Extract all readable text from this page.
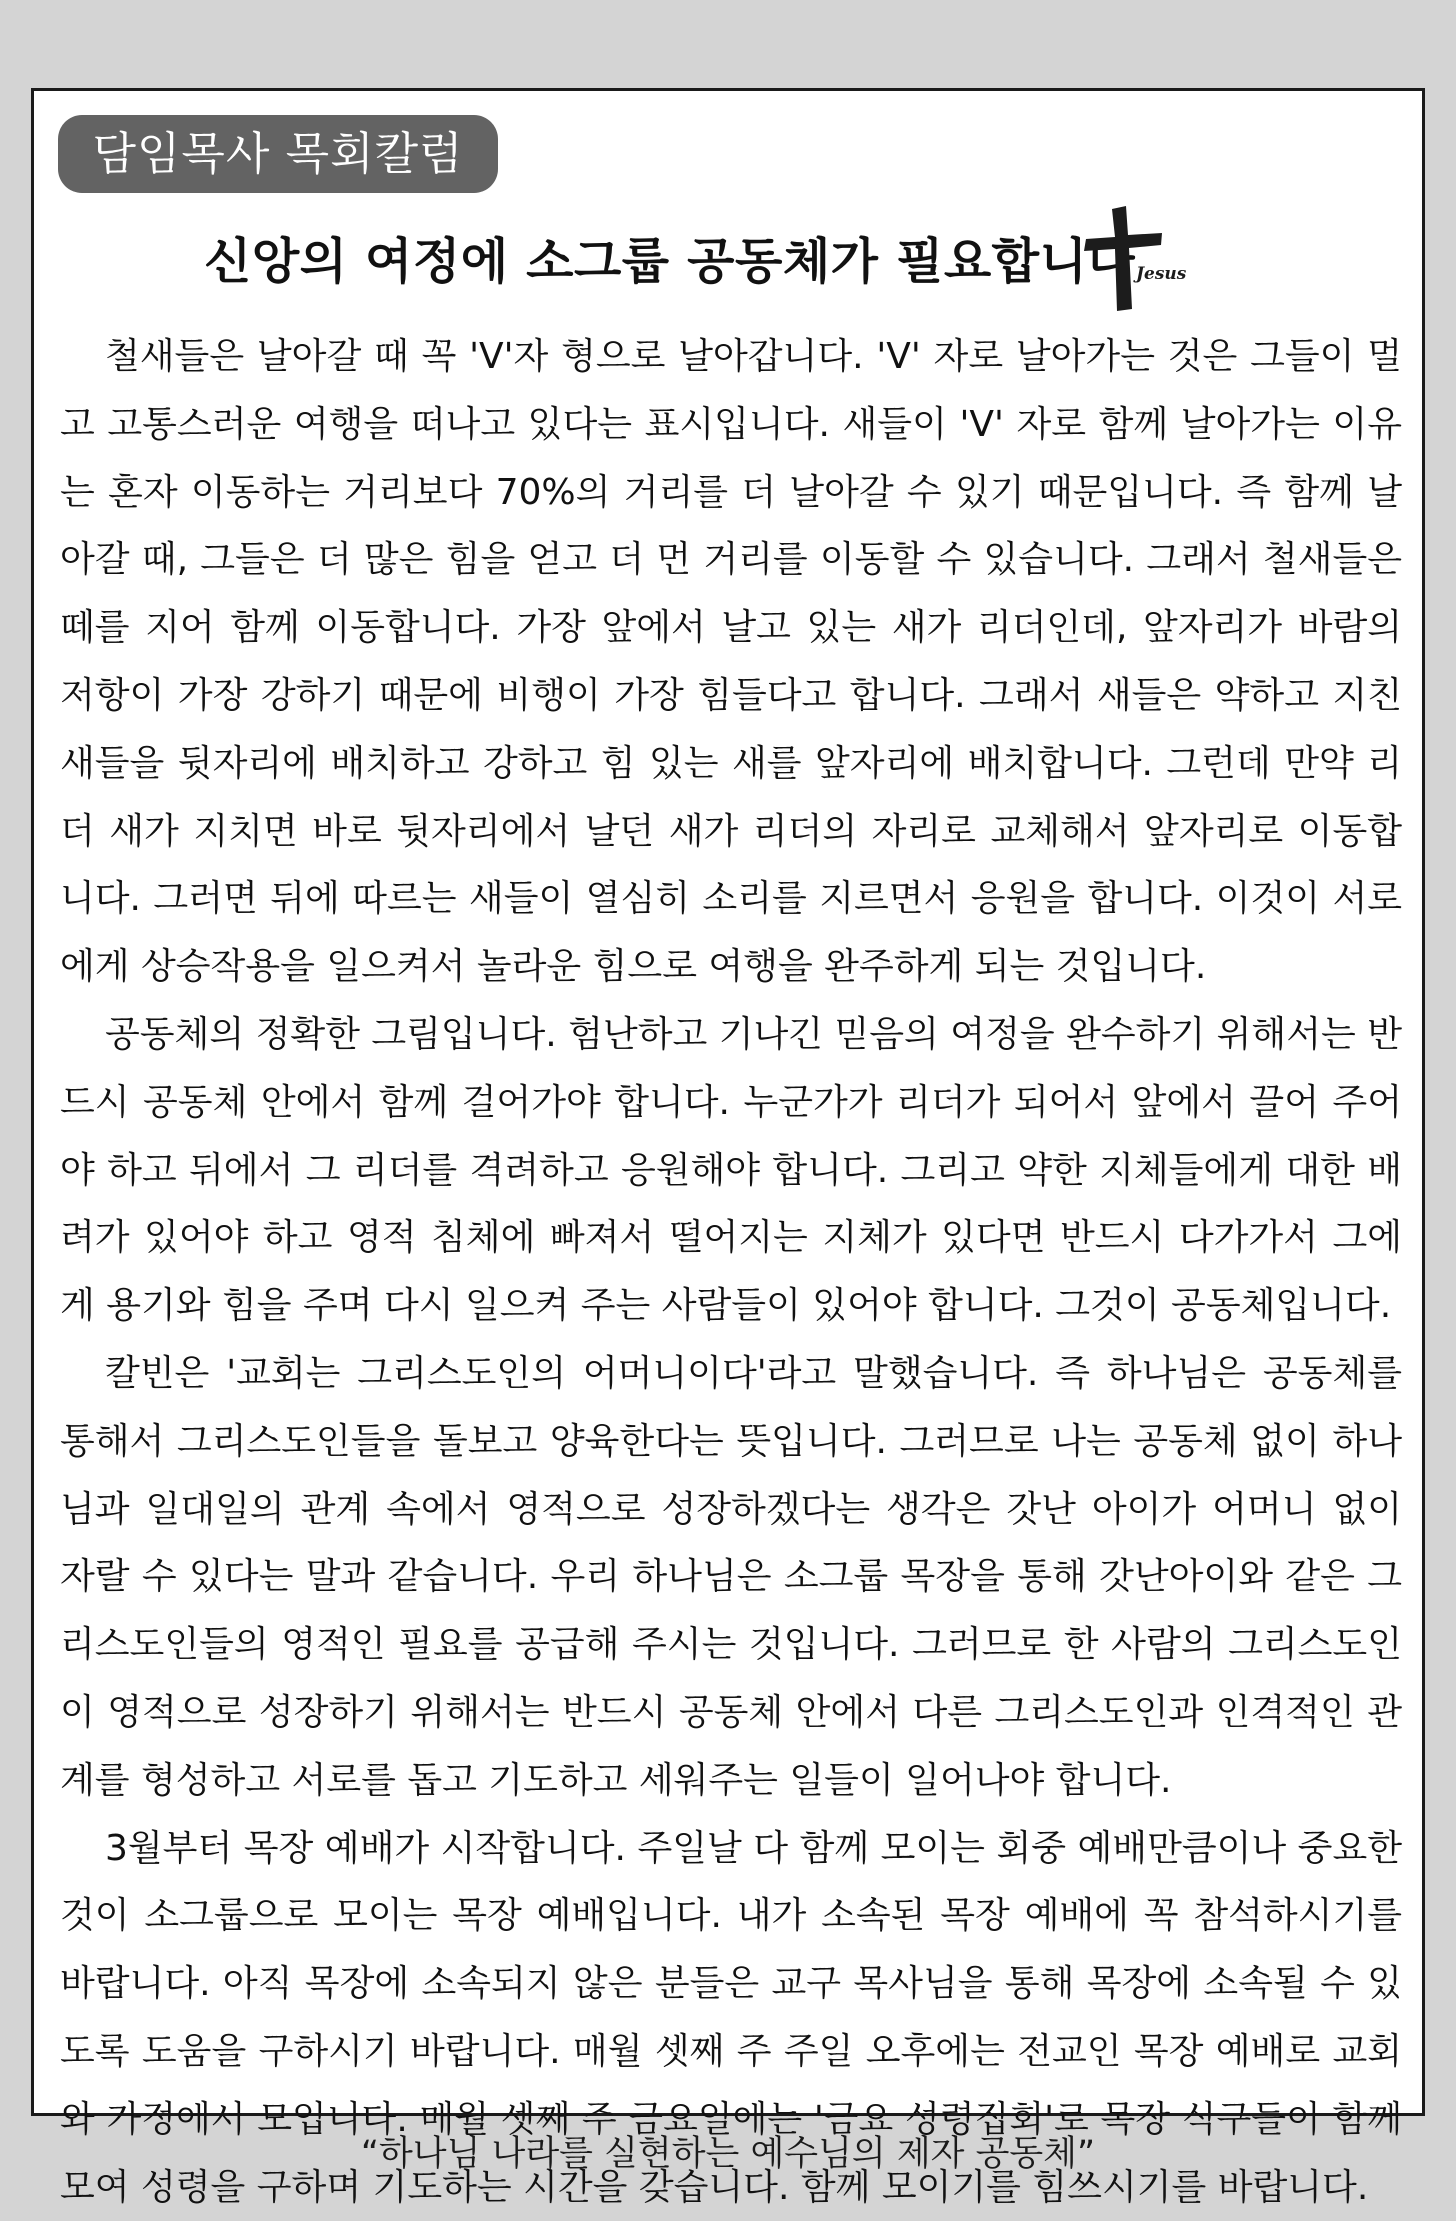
담임목사 목회칼럼
신앙의 여정에 소그룹 공동체가 필요합니다 Jesus

철새들은 날아갈 때 꼭 'V'자 형으로 날아갑니다. 'V' 자로 날아가는 것은 그들이 멀고 고통스러운 여행을 떠나고 있다는 표시입니다. 새들이 'V' 자로 함께 날아가는 이유는 혼자 이동하는 거리보다 70%의 거리를 더 날아갈 수 있기 때문입니다. 즉 함께 날아갈 때, 그들은 더 많은 힘을 얻고 더 먼 거리를 이동할 수 있습니다. 그래서 철새들은 떼를 지어 함께 이동합니다. 가장 앞에서 날고 있는 새가 리더인데, 앞자리가 바람의 저항이 가장 강하기 때문에 비행이 가장 힘들다고 합니다. 그래서 새들은 약하고 지친 새들을 뒷자리에 배치하고 강하고 힘 있는 새를 앞자리에 배치합니다. 그런데 만약 리더 새가 지치면 바로 뒷자리에서 날던 새가 리더의 자리로 교체해서 앞자리로 이동합니다. 그러면 뒤에 따르는 새들이 열심히 소리를 지르면서 응원을 합니다. 이것이 서로에게 상승작용을 일으켜서 놀라운 힘으로 여행을 완주하게 되는 것입니다.

공동체의 정확한 그림입니다. 험난하고 기나긴 믿음의 여정을 완수하기 위해서는 반드시 공동체 안에서 함께 걸어가야 합니다. 누군가가 리더가 되어서 앞에서 끌어 주어야 하고 뒤에서 그 리더를 격려하고 응원해야 합니다. 그리고 약한 지체들에게 대한 배려가 있어야 하고 영적 침체에 빠져서 떨어지는 지체가 있다면 반드시 다가가서 그에게 용기와 힘을 주며 다시 일으켜 주는 사람들이 있어야 합니다. 그것이 공동체입니다.

칼빈은 '교회는 그리스도인의 어머니이다'라고 말했습니다. 즉 하나님은 공동체를 통해서 그리스도인들을 돌보고 양육한다는 뜻입니다. 그러므로 나는 공동체 없이 하나님과 일대일의 관계 속에서 영적으로 성장하겠다는 생각은 갓난 아이가 어머니 없이 자랄 수 있다는 말과 같습니다. 우리 하나님은 소그룹 목장을 통해 갓난아이와 같은 그리스도인들의 영적인 필요를 공급해 주시는 것입니다. 그러므로 한 사람의 그리스도인이 영적으로 성장하기 위해서는 반드시 공동체 안에서 다른 그리스도인과 인격적인 관계를 형성하고 서로를 돕고 기도하고 세워주는 일들이 일어나야 합니다.

3월부터 목장 예배가 시작합니다. 주일날 다 함께 모이는 회중 예배만큼이나 중요한 것이 소그룹으로 모이는 목장 예배입니다. 내가 소속된 목장 예배에 꼭 참석하시기를 바랍니다. 아직 목장에 소속되지 않은 분들은 교구 목사님을 통해 목장에 소속될 수 있도록 도움을 구하시기 바랍니다. 매월 셋째 주 주일 오후에는 전교인 목장 예배로 교회와 가정에서 모입니다. 매월 셋째 주 금요일에는 '금요 성령집회'로 목장 식구들이 함께 모여 성령을 구하며 기도하는 시간을 갖습니다. 함께 모이기를 힘쓰시기를 바랍니다.

“하나님 나라를 실현하는 예수님의 제자 공동체”
